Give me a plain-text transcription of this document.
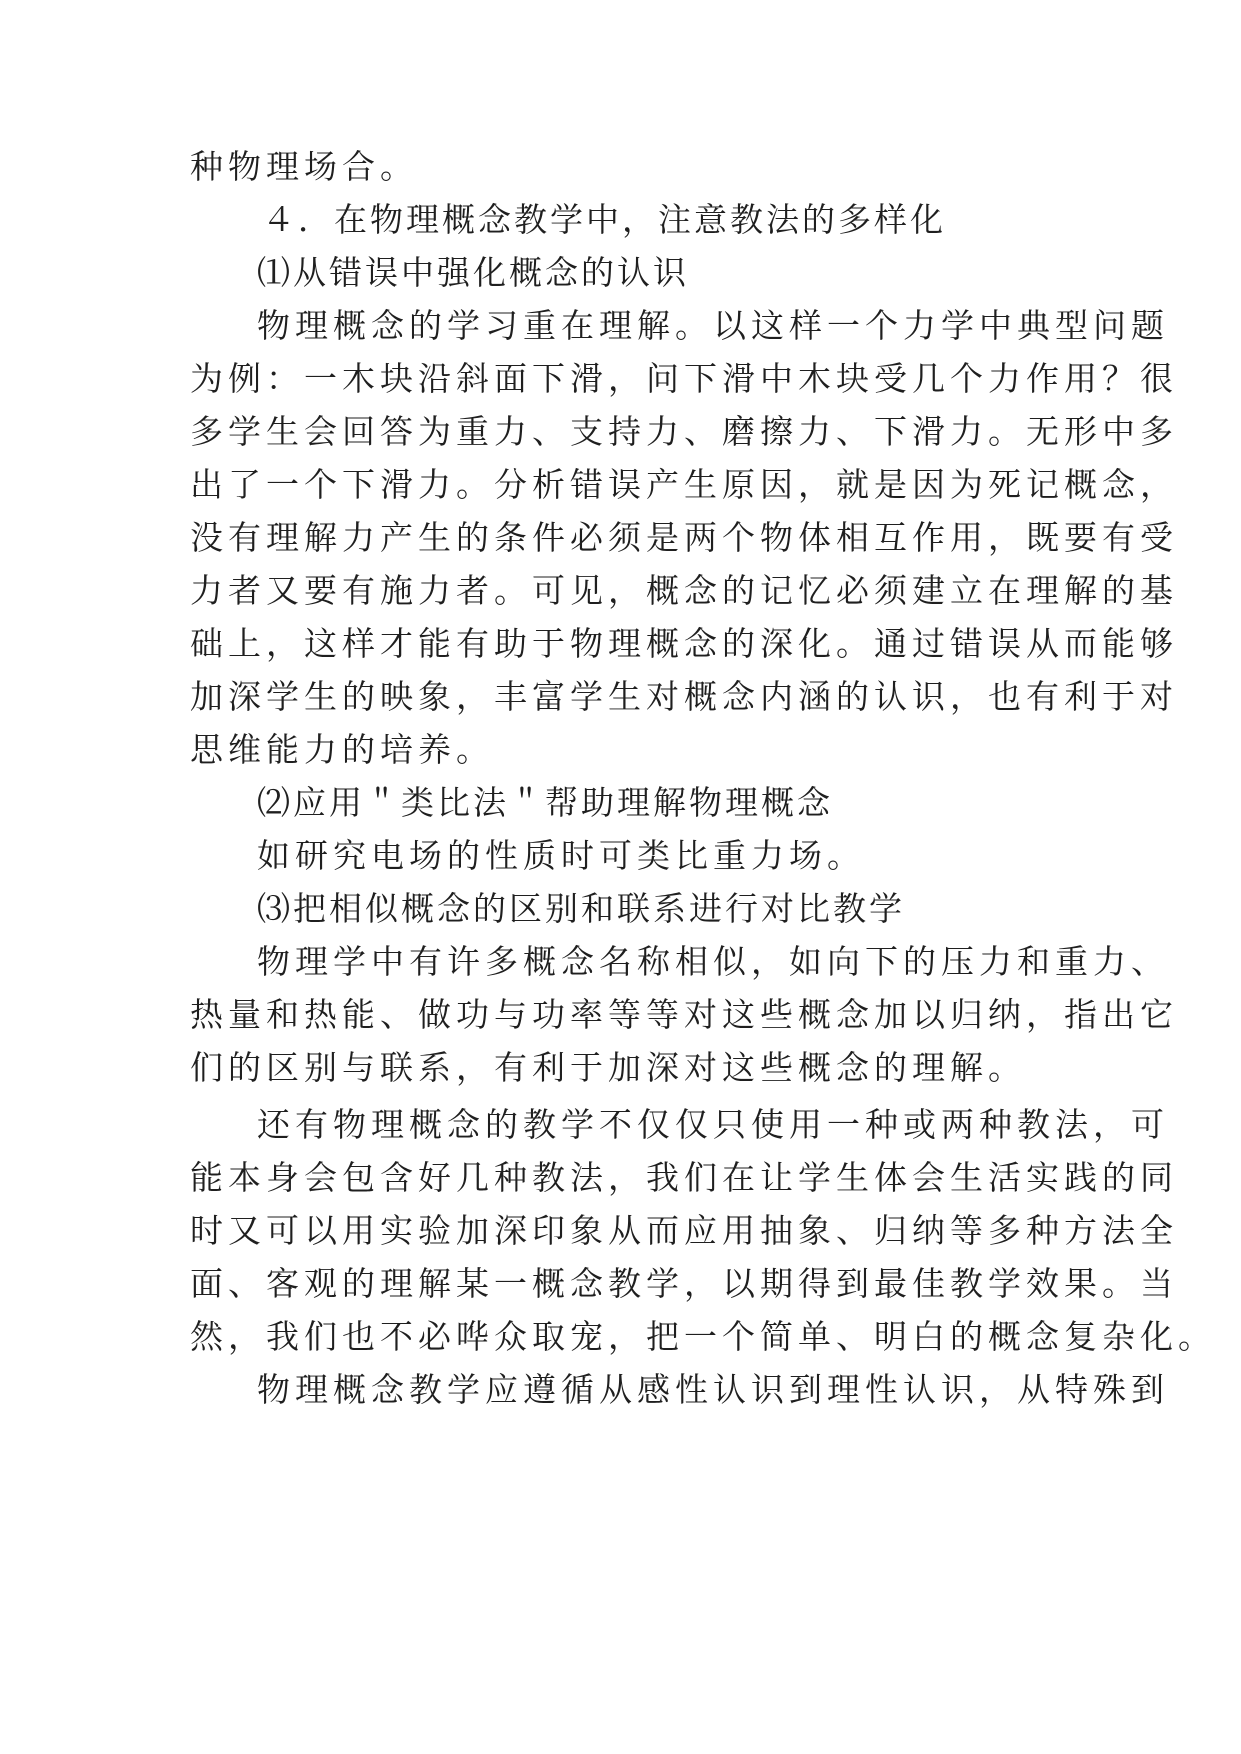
种物理场合。
４．在物理概念教学中，注意教法的多样化
⑴从错误中强化概念的认识
物理概念的学习重在理解。以这样一个力学中典型问题
为例：一木块沿斜面下滑，问下滑中木块受几个力作用？很
多学生会回答为重力、支持力、磨擦力、下滑力。无形中多
出了一个下滑力。分析错误产生原因，就是因为死记概念，
没有理解力产生的条件必须是两个物体相互作用，既要有受
力者又要有施力者。可见，概念的记忆必须建立在理解的基
础上，这样才能有助于物理概念的深化。通过错误从而能够
加深学生的映象，丰富学生对概念内涵的认识，也有利于对
思维能力的培养。
⑵应用＂类比法＂帮助理解物理概念
如研究电场的性质时可类比重力场。
⑶把相似概念的区别和联系进行对比教学
物理学中有许多概念名称相似，如向下的压力和重力、
热量和热能、做功与功率等等对这些概念加以归纳，指出它
们的区别与联系，有利于加深对这些概念的理解。
还有物理概念的教学不仅仅只使用一种或两种教法，可
能本身会包含好几种教法，我们在让学生体会生活实践的同
时又可以用实验加深印象从而应用抽象、归纳等多种方法全
面、客观的理解某一概念教学，以期得到最佳教学效果。当
然，我们也不必哗众取宠，把一个简单、明白的概念复杂化。
物理概念教学应遵循从感性认识到理性认识，从特殊到
